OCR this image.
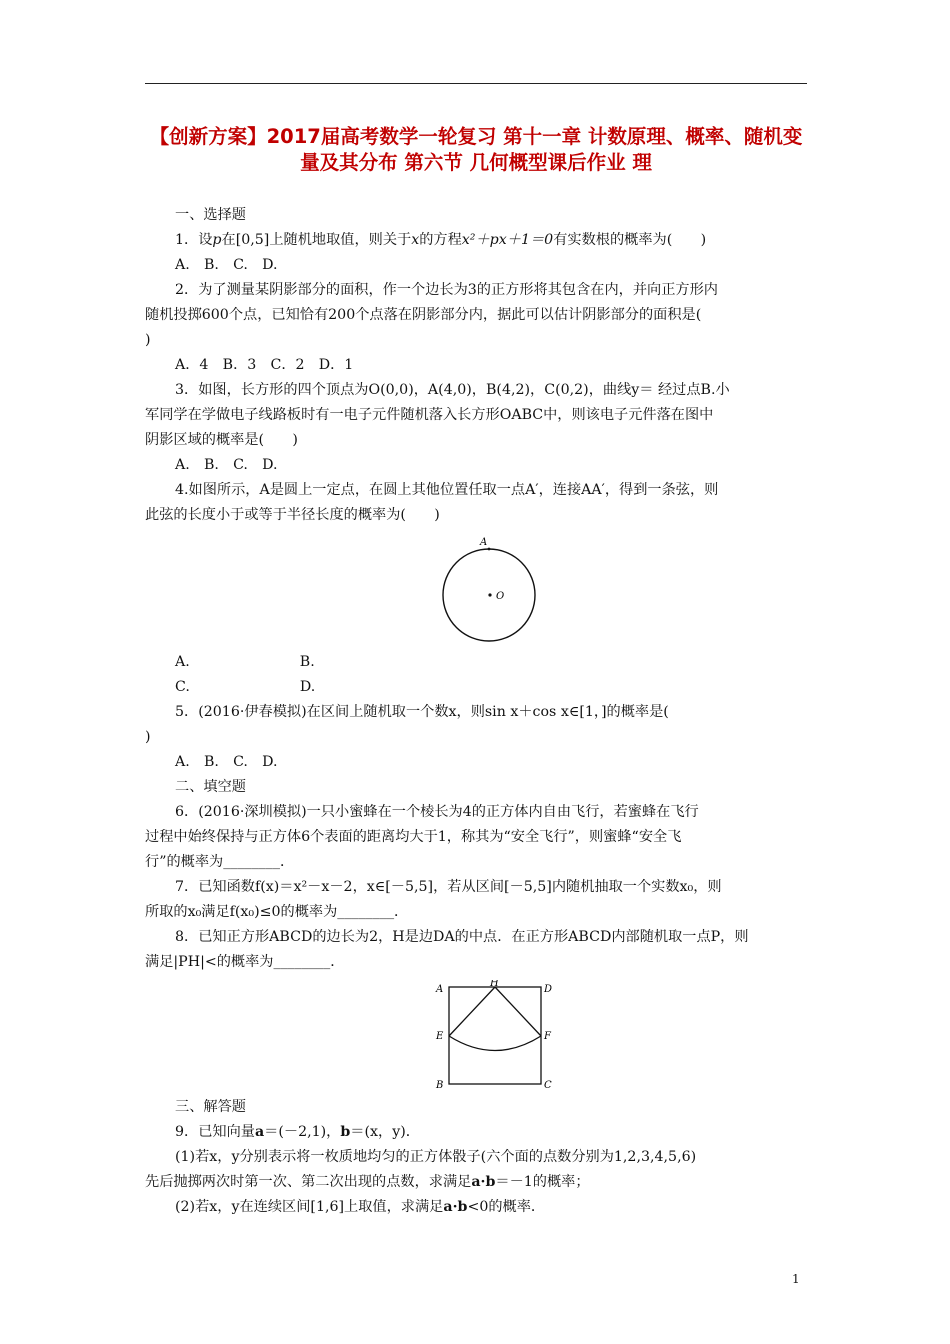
【创新方案】2017届高考数学一轮复习 第十一章 计数原理、概率、随机变量及其分布 第六节 几何概型课后作业 理
一、选择题
1．设p在[0,5]上随机地取值，则关于x的方程x²＋px＋1＝0有实数根的概率为(　　)
A.　B.　C.　D.
2．为了测量某阴影部分的面积，作一个边长为3的正方形将其包含在内，并向正方形内
随机投掷600个点，已知恰有200个点落在阴影部分内，据此可以估计阴影部分的面积是(
)
A．4　B．3　C．2　D．1
3．如图，长方形的四个顶点为O(0,0)，A(4,0)，B(4,2)，C(0,2)，曲线y＝ 经过点B.小
军同学在学做电子线路板时有一电子元件随机落入长方形OABC中，则该电子元件落在图中
阴影区域的概率是(　　)
A.　B.　C.　D.
4.如图所示，A是圆上一定点，在圆上其他位置任取一点A′，连接AA′，得到一条弦，则
此弦的长度小于或等于半径长度的概率为(　　)
A
O
A.	B.
C.	D.
5．(2016·伊春模拟)在区间上随机取一个数x，则sin x＋cos x∈[1，]的概率是(
)
A.　B.　C.　D.
二、填空题
6．(2016·深圳模拟)一只小蜜蜂在一个棱长为4的正方体内自由飞行，若蜜蜂在飞行
过程中始终保持与正方体6个表面的距离均大于1，称其为“安全飞行”，则蜜蜂“安全飞
行”的概率为________．
7．已知函数f(x)＝x²－x－2，x∈[－5,5]，若从区间[－5,5]内随机抽取一个实数x₀，则
所取的x₀满足f(x₀)≤0的概率为________．
8．已知正方形ABCD的边长为2，H是边DA的中点．在正方形ABCD内部随机取一点P，则
满足|PH|<的概率为________．
A
H
D
E	F
B	C
三、解答题
9．已知向量a＝(－2,1)，b＝(x，y)．
(1)若x，y分别表示将一枚质地均匀的正方体骰子(六个面的点数分别为1,2,3,4,5,6)
先后抛掷两次时第一次、第二次出现的点数，求满足a·b＝－1的概率；
(2)若x，y在连续区间[1,6]上取值，求满足a·b<0的概率．
1
